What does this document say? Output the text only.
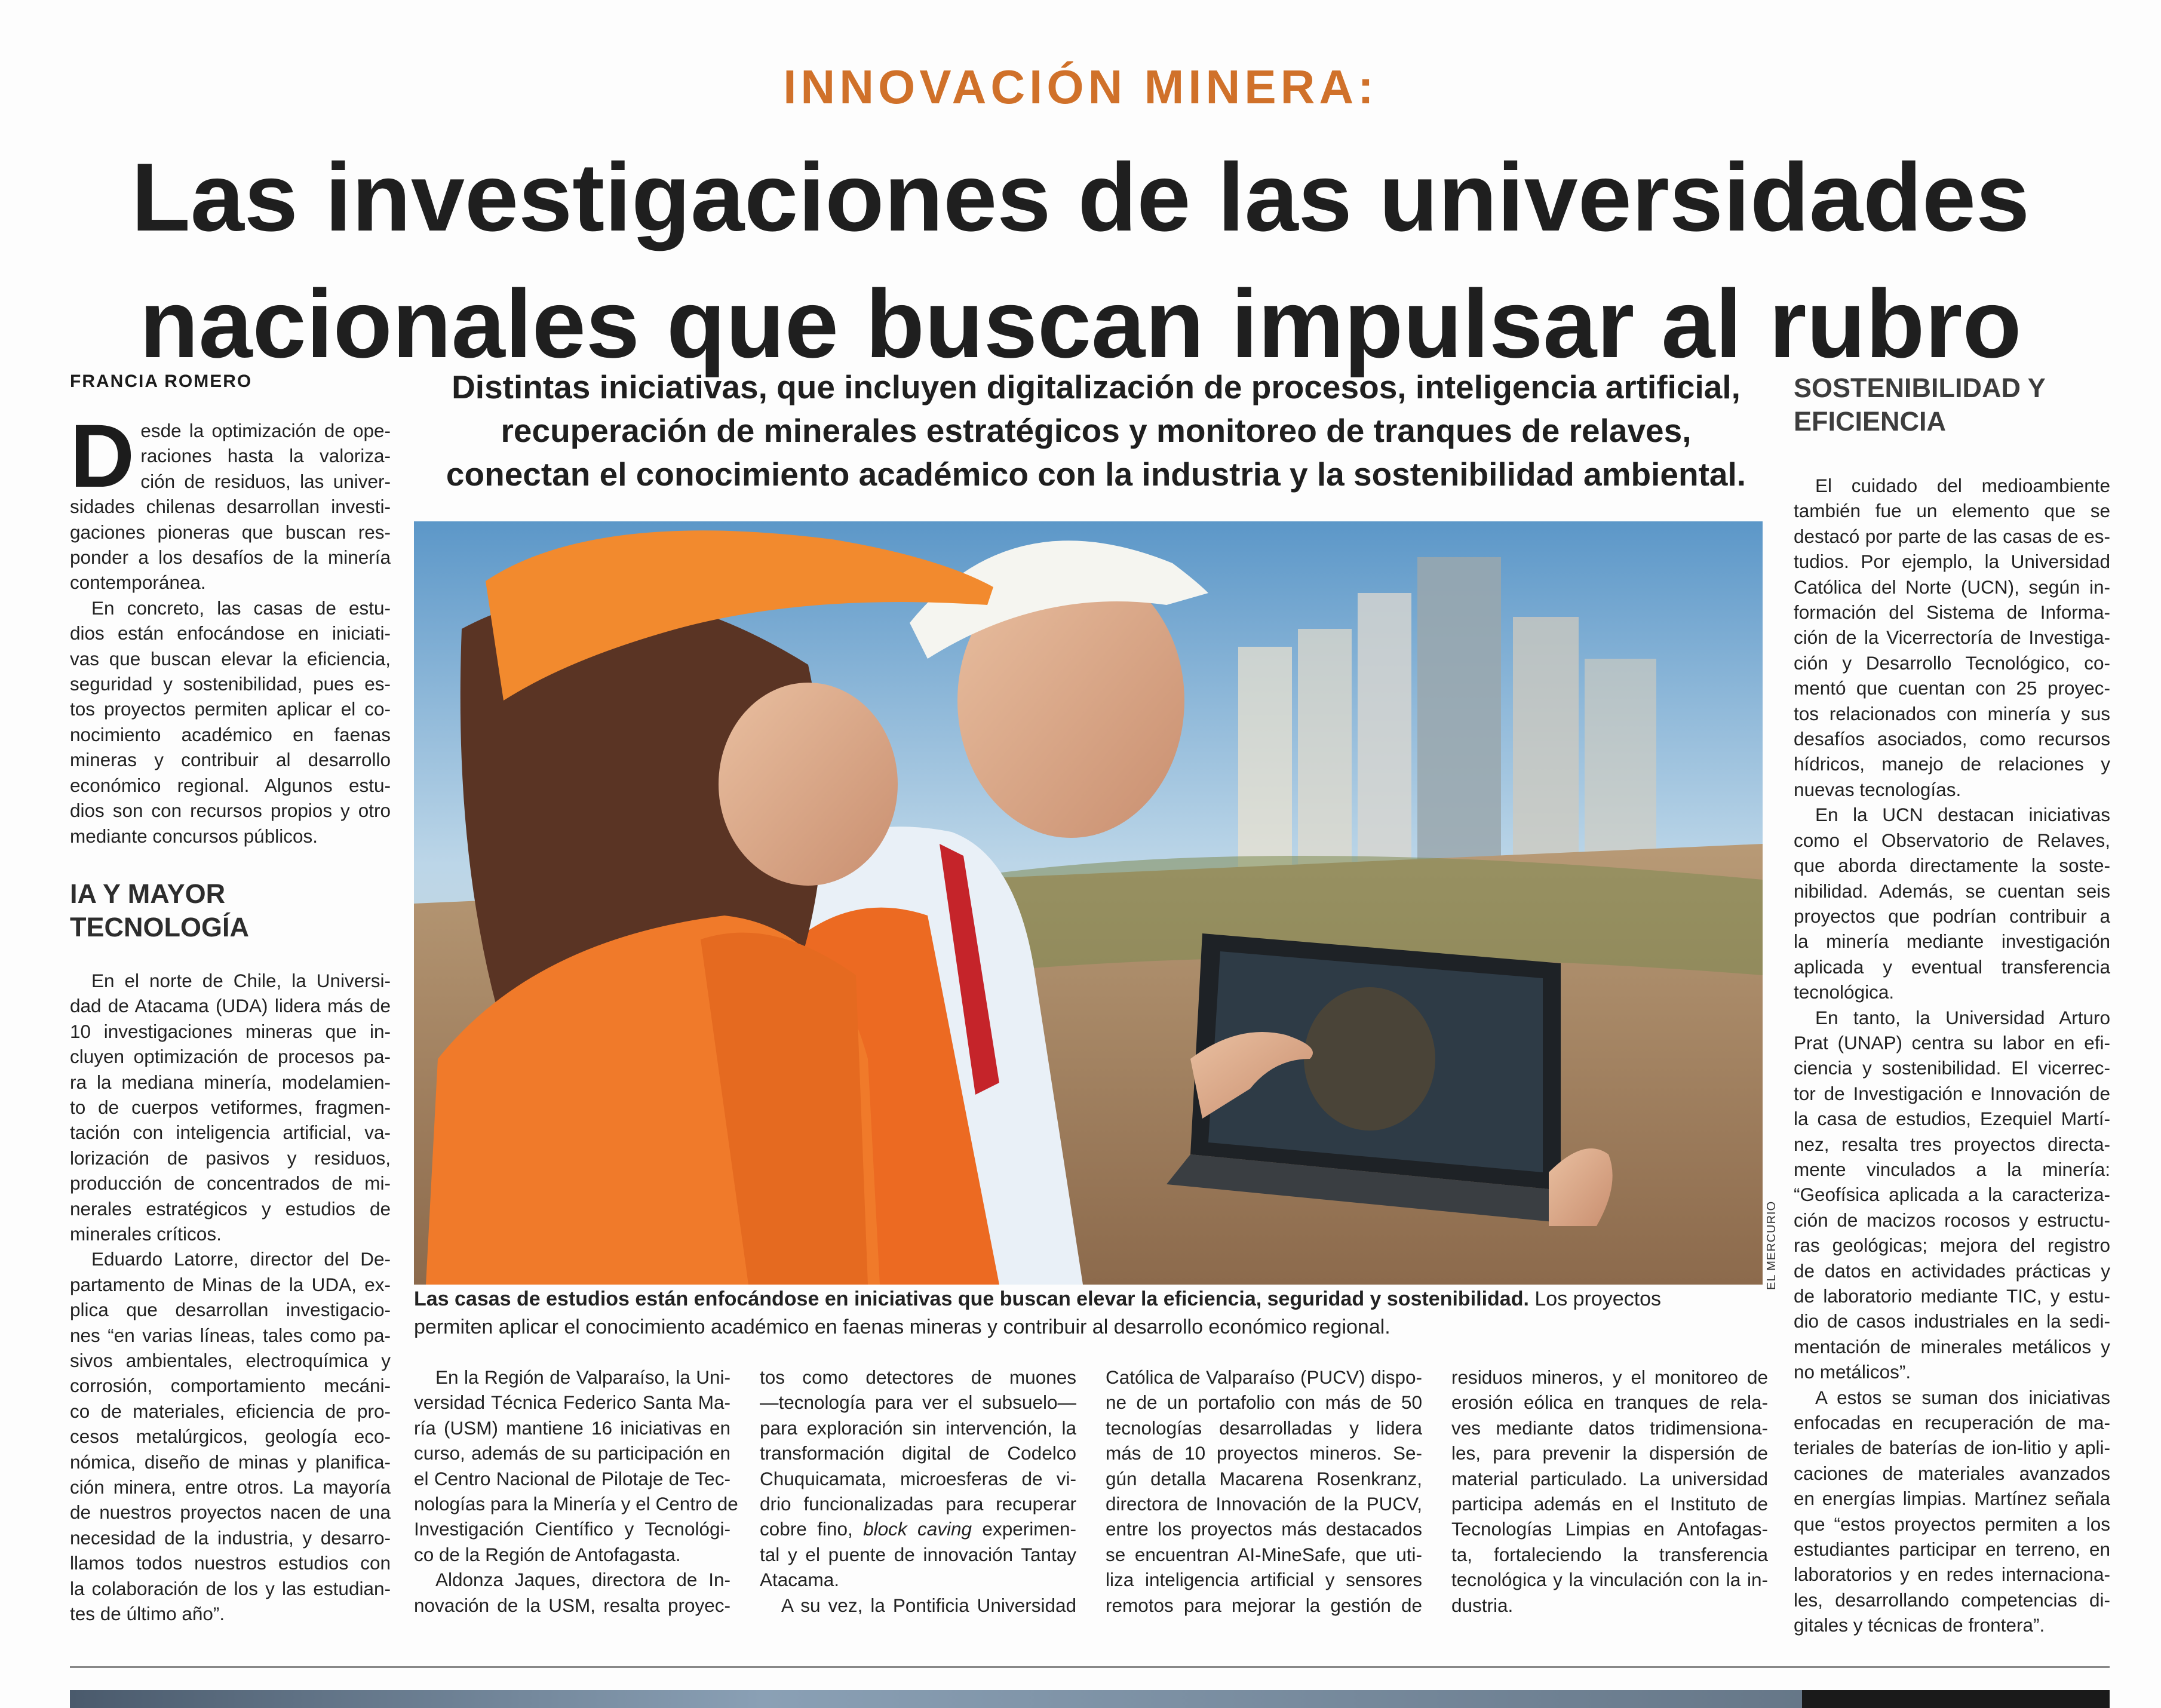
INNOVACIÓN MINERA:
Las investigaciones de las universidades
nacionales que buscan impulsar al rubro
FRANCIA ROMERO	Distintas iniciativas, que incluyen digitalización de procesos, inteligencia artificial,
recuperación de minerales estratégicos y monitoreo de tranques de relaves,
conectan el conocimiento académico con la industria y la sostenibilidad ambiental.
D esde la optimización de ope-
raciones hasta la valoriza-
ción de residuos, las univer-
sidades chilenas desarrollan investi-
gaciones pioneras que buscan res-
ponder a los desafíos de la minería
contemporánea.
En concreto, las casas de estu-
dios están enfocándose en iniciati-
vas que buscan elevar la eficiencia,
seguridad y sostenibilidad, pues es-
tos proyectos permiten aplicar el co-
nocimiento académico en faenas
mineras y contribuir al desarrollo
económico regional. Algunos estu-
dios son con recursos propios y otro
mediante concursos públicos.
IA Y MAYOR
TECNOLOGÍA
En el norte de Chile, la Universi-
dad de Atacama (UDA) lidera más de
10 investigaciones mineras que in-
cluyen optimización de procesos pa-
ra la mediana minería, modelamien-
to de cuerpos vetiformes, fragmen-
tación con inteligencia artificial, va-
lorización de pasivos y residuos,
producción de concentrados de mi-
nerales estratégicos y estudios de
minerales críticos.
Eduardo Latorre, director del De-
partamento de Minas de la UDA, ex-
plica que desarrollan investigacio-
nes “en varias líneas, tales como pa-
sivos ambientales, electroquímica y
corrosión, comportamiento mecáni-
co de materiales, eficiencia de pro-
cesos metalúrgicos, geología eco-
nómica, diseño de minas y planifica-
ción minera, entre otros. La mayoría
de nuestros proyectos nacen de una
necesidad de la industria, y desarro-
llamos todos nuestros estudios con
la colaboración de los y las estudian-
tes de último año”.
EL MERCURIO
Las casas de estudios están enfocándose en iniciativas que buscan elevar la eficiencia, seguridad y sostenibilidad. Los proyectos
permiten aplicar el conocimiento académico en faenas mineras y contribuir al desarrollo económico regional.
En la Región de Valparaíso, la Uni-
versidad Técnica Federico Santa Ma-
ría (USM) mantiene 16 iniciativas en
curso, además de su participación en
el Centro Nacional de Pilotaje de Tec-
nologías para la Minería y el Centro de
Investigación Científico y Tecnológi-
co de la Región de Antofagasta.
Aldonza Jaques, directora de In-
novación de la USM, resalta proyec-
tos como detectores de muones
—tecnología para ver el subsuelo—
para exploración sin intervención, la
transformación digital de Codelco
Chuquicamata, microesferas de vi-
drio funcionalizadas para recuperar
cobre fino, block caving experimen-
tal y el puente de innovación Tantay
Atacama.
A su vez, la Pontificia Universidad
Católica de Valparaíso (PUCV) dispo-
ne de un portafolio con más de 50
tecnologías desarrolladas y lidera
más de 10 proyectos mineros. Se-
gún detalla Macarena Rosenkranz,
directora de Innovación de la PUCV,
entre los proyectos más destacados
se encuentran AI-MineSafe, que uti-
liza inteligencia artificial y sensores
remotos para mejorar la gestión de
residuos mineros, y el monitoreo de
erosión eólica en tranques de rela-
ves mediante datos tridimensiona-
les, para prevenir la dispersión de
material particulado. La universidad
participa además en el Instituto de
Tecnologías Limpias en Antofagas-
ta, fortaleciendo la transferencia
tecnológica y la vinculación con la in-
dustria.
SOSTENIBILIDAD Y
EFICIENCIA
El cuidado del medioambiente
también fue un elemento que se
destacó por parte de las casas de es-
tudios. Por ejemplo, la Universidad
Católica del Norte (UCN), según in-
formación del Sistema de Informa-
ción de la Vicerrectoría de Investiga-
ción y Desarrollo Tecnológico, co-
mentó que cuentan con 25 proyec-
tos relacionados con minería y sus
desafíos asociados, como recursos
hídricos, manejo de relaciones y
nuevas tecnologías.
En la UCN destacan iniciativas
como el Observatorio de Relaves,
que aborda directamente la soste-
nibilidad. Además, se cuentan seis
proyectos que podrían contribuir a
la minería mediante investigación
aplicada y eventual transferencia
tecnológica.
En tanto, la Universidad Arturo
Prat (UNAP) centra su labor en efi-
ciencia y sostenibilidad. El vicerrec-
tor de Investigación e Innovación de
la casa de estudios, Ezequiel Martí-
nez, resalta tres proyectos directa-
mente vinculados a la minería:
“Geofísica aplicada a la caracteriza-
ción de macizos rocosos y estructu-
ras geológicas; mejora del registro
de datos en actividades prácticas y
de laboratorio mediante TIC, y estu-
dio de casos industriales en la sedi-
mentación de minerales metálicos y
no metálicos”.
A estos se suman dos iniciativas
enfocadas en recuperación de ma-
teriales de baterías de ion-litio y apli-
caciones de materiales avanzados
en energías limpias. Martínez señala
que “estos proyectos permiten a los
estudiantes participar en terreno, en
laboratorios y en redes internaciona-
les, desarrollando competencias di-
gitales y técnicas de frontera”.
